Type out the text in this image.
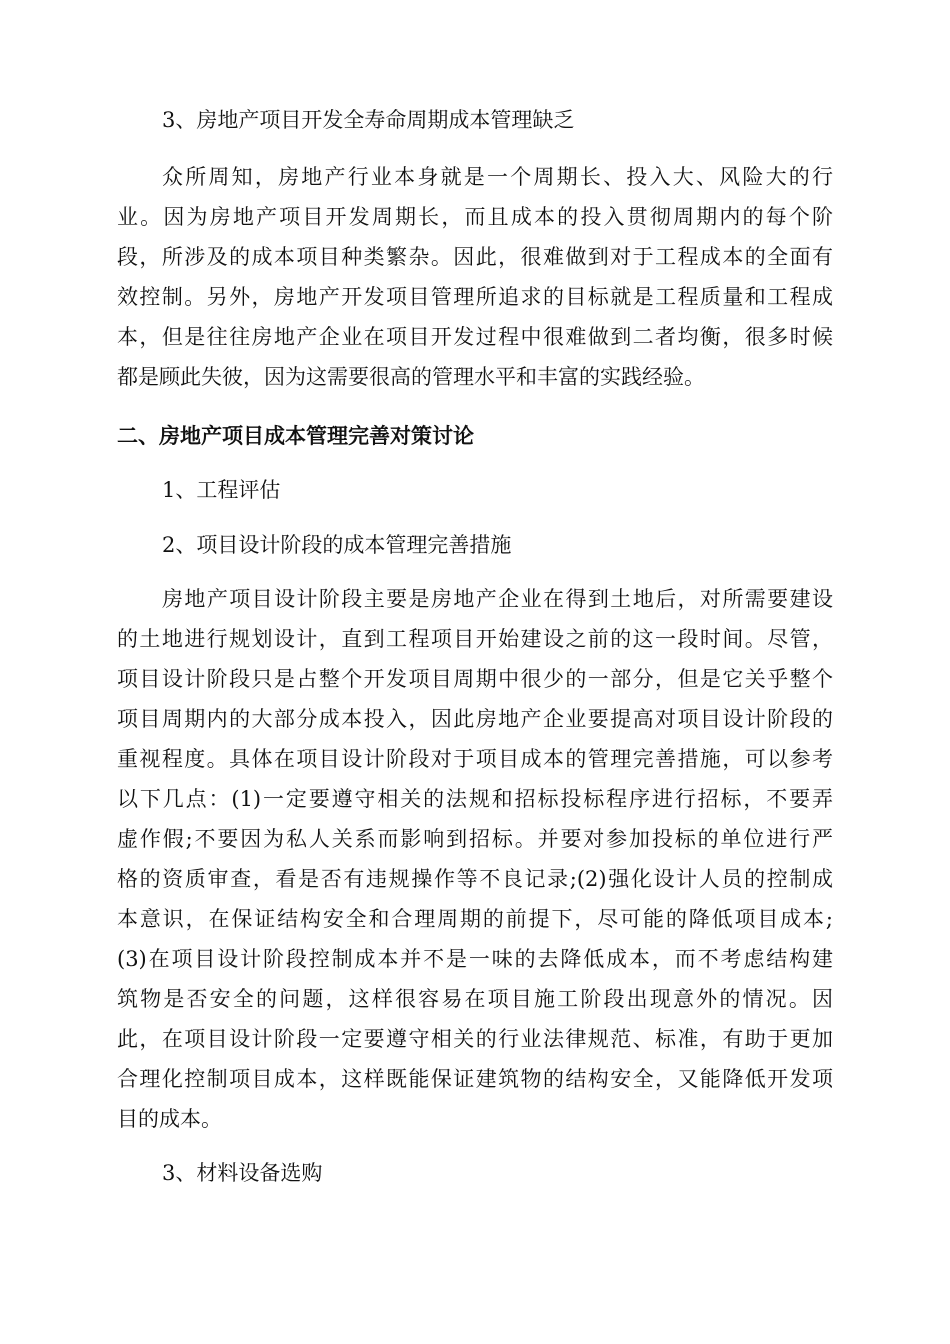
3、房地产项目开发全寿命周期成本管理缺乏
众所周知，房地产行业本身就是一个周期长、投入大、风险大的行
业。因为房地产项目开发周期长，而且成本的投入贯彻周期内的每个阶
段，所涉及的成本项目种类繁杂。因此，很难做到对于工程成本的全面有
效控制。另外，房地产开发项目管理所追求的目标就是工程质量和工程成
本，但是往往房地产企业在项目开发过程中很难做到二者均衡，很多时候
都是顾此失彼，因为这需要很高的管理水平和丰富的实践经验。
二、房地产项目成本管理完善对策讨论
1、工程评估
2、项目设计阶段的成本管理完善措施
房地产项目设计阶段主要是房地产企业在得到土地后，对所需要建设
的土地进行规划设计，直到工程项目开始建设之前的这一段时间。尽管，
项目设计阶段只是占整个开发项目周期中很少的一部分，但是它关乎整个
项目周期内的大部分成本投入，因此房地产企业要提高对项目设计阶段的
重视程度。具体在项目设计阶段对于项目成本的管理完善措施，可以参考
以下几点：(1)一定要遵守相关的法规和招标投标程序进行招标，不要弄
虚作假;不要因为私人关系而影响到招标。并要对参加投标的单位进行严
格的资质审查，看是否有违规操作等不良记录;(2)强化设计人员的控制成
本意识，在保证结构安全和合理周期的前提下，尽可能的降低项目成本;
(3)在项目设计阶段控制成本并不是一味的去降低成本，而不考虑结构建
筑物是否安全的问题，这样很容易在项目施工阶段出现意外的情况。因
此，在项目设计阶段一定要遵守相关的行业法律规范、标准，有助于更加
合理化控制项目成本，这样既能保证建筑物的结构安全，又能降低开发项
目的成本。
3、材料设备选购
